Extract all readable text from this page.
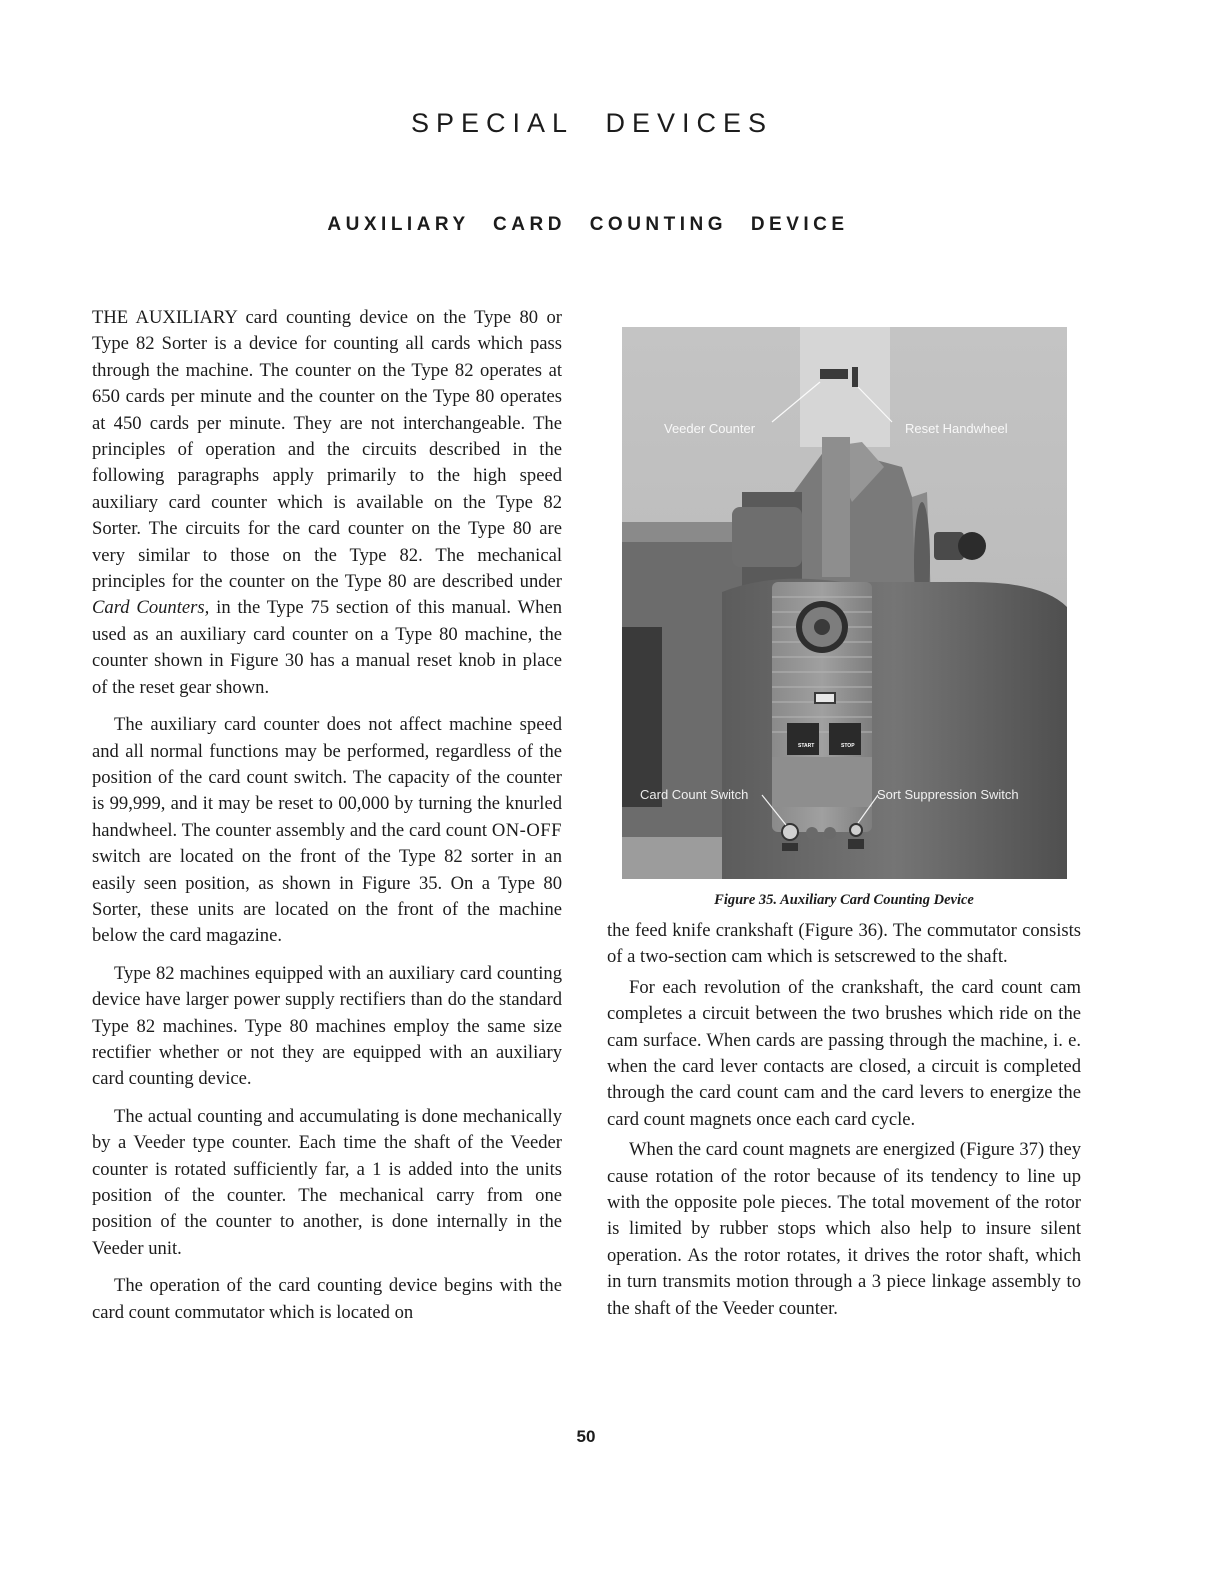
SPECIAL DEVICES
AUXILIARY CARD COUNTING DEVICE

THE AUXILIARY card counting device on the Type 80 or Type 82 Sorter is a device for counting all cards which pass through the machine. The counter on the Type 82 operates at 650 cards per minute and the counter on the Type 80 operates at 450 cards per minute. They are not interchangeable. The principles of operation and the circuits described in the following paragraphs apply primarily to the high speed auxiliary card counter which is available on the Type 82 Sorter. The circuits for the card counter on the Type 80 are very similar to those on the Type 82. The mechanical principles for the counter on the Type 80 are described under Card Counters, in the Type 75 section of this manual. When used as an auxiliary card counter on a Type 80 machine, the counter shown in Figure 30 has a manual reset knob in place of the reset gear shown.

The auxiliary card counter does not affect machine speed and all normal functions may be performed, regardless of the position of the card count switch. The capacity of the counter is 99,999, and it may be reset to 00,000 by turning the knurled handwheel. The counter assembly and the card count ON-OFF switch are located on the front of the Type 82 sorter in an easily seen position, as shown in Figure 35. On a Type 80 Sorter, these units are located on the front of the machine below the card magazine.

Type 82 machines equipped with an auxiliary card counting device have larger power supply rectifiers than do the standard Type 82 machines. Type 80 machines employ the same size rectifier whether or not they are equipped with an auxiliary card counting device.

The actual counting and accumulating is done mechanically by a Veeder type counter. Each time the shaft of the Veeder counter is rotated sufficiently far, a 1 is added into the units position of the counter. The mechanical carry from one position of the counter to another, is done internally in the Veeder unit.

The operation of the card counting device begins with the card count commutator which is located on

START	STOP
Veeder Counter	Reset Handwheel
Card Count Switch	Sort Suppression Switch
Figure 35. Auxiliary Card Counting Device

the feed knife crankshaft (Figure 36). The commutator consists of a two-section cam which is setscrewed to the shaft.

For each revolution of the crankshaft, the card count cam completes a circuit between the two brushes which ride on the cam surface. When cards are passing through the machine, i. e. when the card lever contacts are closed, a circuit is completed through the card count cam and the card levers to energize the card count magnets once each card cycle.

When the card count magnets are energized (Figure 37) they cause rotation of the rotor because of its tendency to line up with the opposite pole pieces. The total movement of the rotor is limited by rubber stops which also help to insure silent operation. As the rotor rotates, it drives the rotor shaft, which in turn transmits motion through a 3 piece linkage assembly to the shaft of the Veeder counter.

50
